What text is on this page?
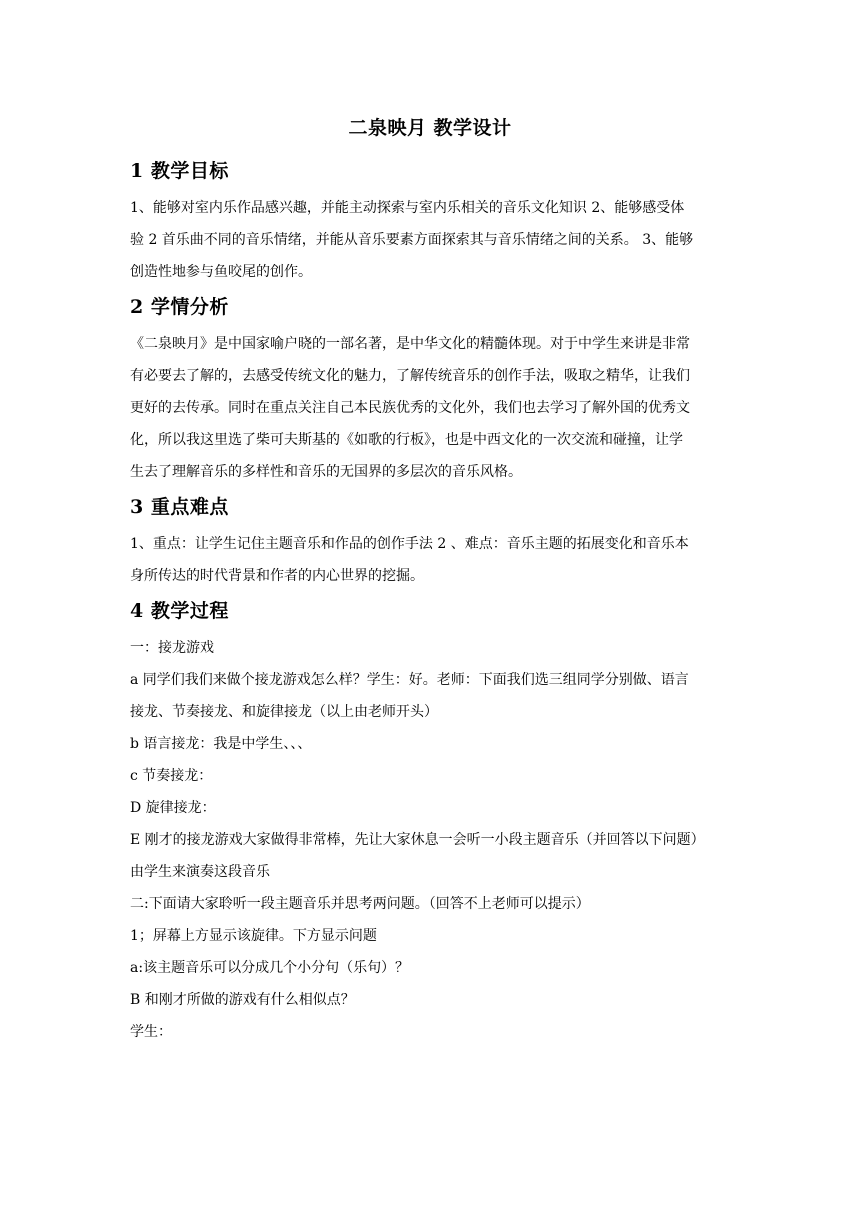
二泉映月 教学设计
1 教学目标

1、能够对室内乐作品感兴趣，并能主动探索与室内乐相关的音乐文化知识 2、能够感受体
验 2 首乐曲不同的音乐情绪，并能从音乐要素方面探索其与音乐情绪之间的关系。 3、能够
创造性地参与鱼咬尾的创作。

2 学情分析

《二泉映月》是中国家喻户晓的一部名著，是中华文化的精髓体现。对于中学生来讲是非常
有必要去了解的，去感受传统文化的魅力，了解传统音乐的创作手法，吸取之精华，让我们
更好的去传承。同时在重点关注自己本民族优秀的文化外，我们也去学习了解外国的优秀文
化，所以我这里选了柴可夫斯基的《如歌的行板》，也是中西文化的一次交流和碰撞，让学
生去了理解音乐的多样性和音乐的无国界的多层次的音乐风格。

3 重点难点

1、重点：让学生记住主题音乐和作品的创作手法 2 、难点：音乐主题的拓展变化和音乐本
身所传达的时代背景和作者的内心世界的挖掘。

4 教学过程

一：接龙游戏
a 同学们我们来做个接龙游戏怎么样？学生：好。老师：下面我们选三组同学分别做、语言
接龙、节奏接龙、和旋律接龙（以上由老师开头）
b 语言接龙：我是中学生、、、
c 节奏接龙：
D 旋律接龙：
E 刚才的接龙游戏大家做得非常棒，先让大家休息一会听一小段主题音乐（并回答以下问题）
由学生来演奏这段音乐
二:下面请大家聆听一段主题音乐并思考两问题。（回答不上老师可以提示）
1；屏幕上方显示该旋律。下方显示问题
a:该主题音乐可以分成几个小分句（乐句）？
B 和刚才所做的游戏有什么相似点？
学生：
